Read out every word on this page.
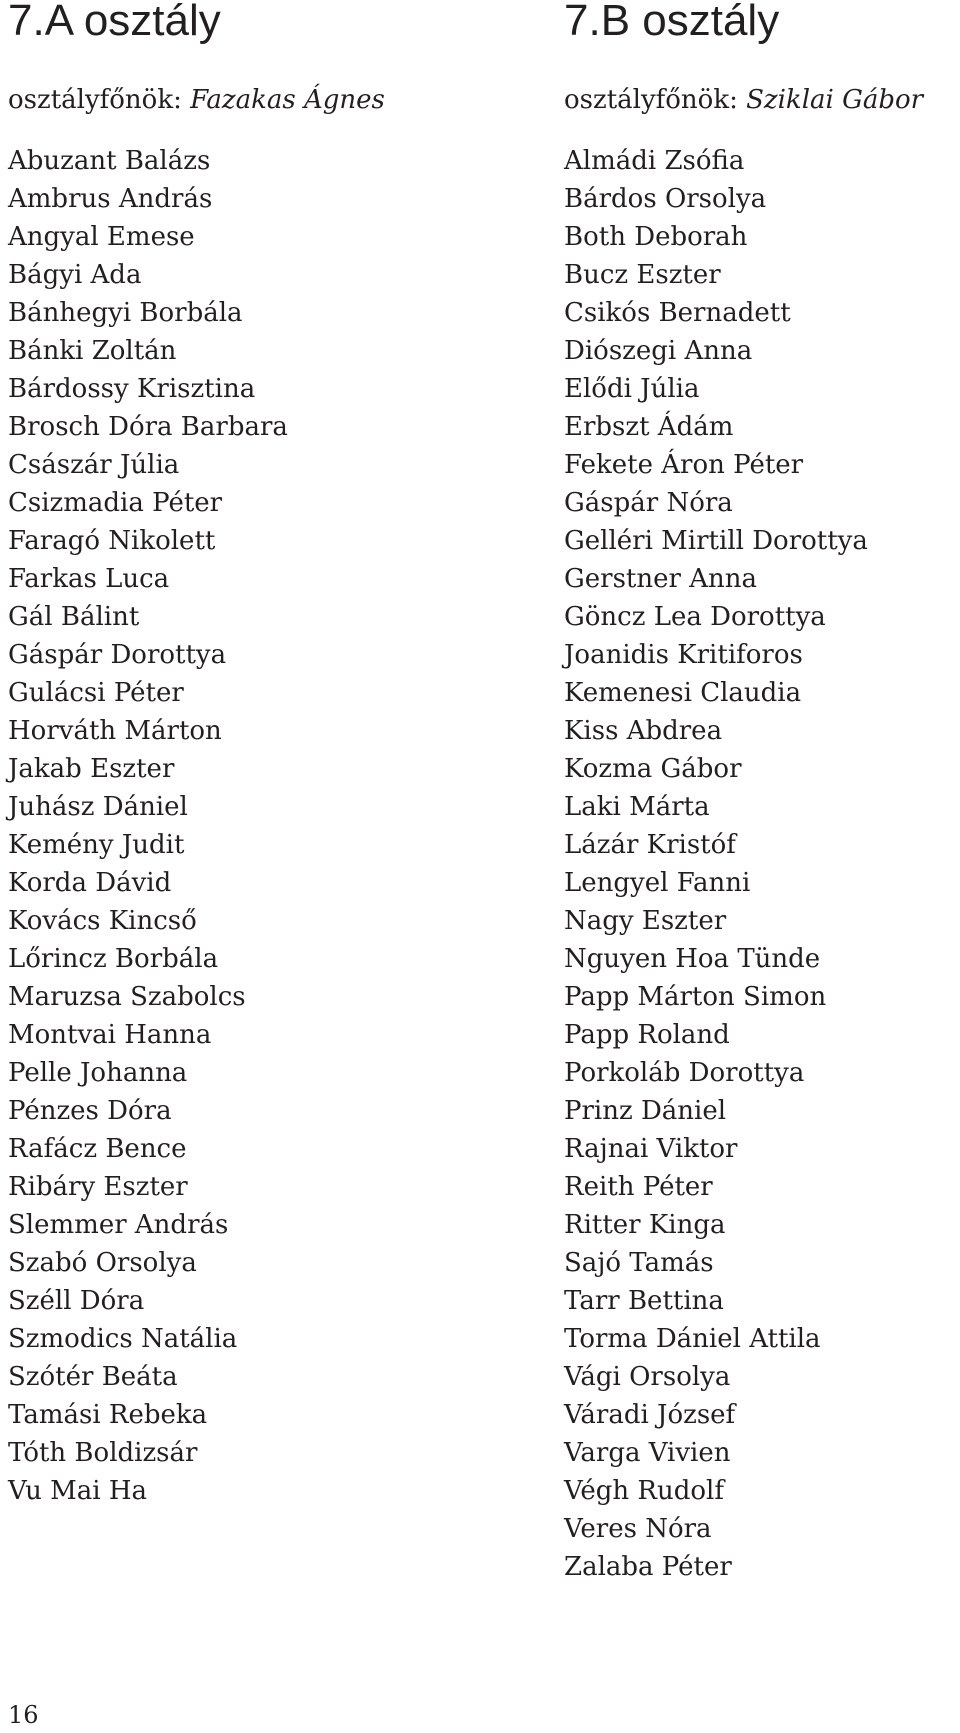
7.A osztály
osztályfőnök: Fazakas Ágnes
Abuzant Balázs
Ambrus András
Angyal Emese
Bágyi Ada
Bánhegyi Borbála
Bánki Zoltán
Bárdossy Krisztina
Brosch Dóra Barbara
Császár Júlia
Csizmadia Péter
Faragó Nikolett
Farkas Luca
Gál Bálint
Gáspár Dorottya
Gulácsi Péter
Horváth Márton
Jakab Eszter
Juhász Dániel
Kemény Judit
Korda Dávid
Kovács Kincső
Lőrincz Borbála
Maruzsa Szabolcs
Montvai Hanna
Pelle Johanna
Pénzes Dóra
Rafácz Bence
Ribáry Eszter
Slemmer András
Szabó Orsolya
Széll Dóra
Szmodics Natália
Szótér Beáta
Tamási Rebeka
Tóth Boldizsár
Vu Mai Ha
7.B osztály
osztályfőnök: Sziklai Gábor
Almádi Zsófia
Bárdos Orsolya
Both Deborah
Bucz Eszter
Csikós Bernadett
Diószegi Anna
Elődi Júlia
Erbszt Ádám
Fekete Áron Péter
Gáspár Nóra
Gelléri Mirtill Dorottya
Gerstner Anna
Göncz Lea Dorottya
Joanidis Kritiforos
Kemenesi Claudia
Kiss Abdrea
Kozma Gábor
Laki Márta
Lázár Kristóf
Lengyel Fanni
Nagy Eszter
Nguyen Hoa Tünde
Papp Márton Simon
Papp Roland
Porkoláb Dorottya
Prinz Dániel
Rajnai Viktor
Reith Péter
Ritter Kinga
Sajó Tamás
Tarr Bettina
Torma Dániel Attila
Vági Orsolya
Váradi József
Varga Vivien
Végh Rudolf
Veres Nóra
Zalaba Péter
16
